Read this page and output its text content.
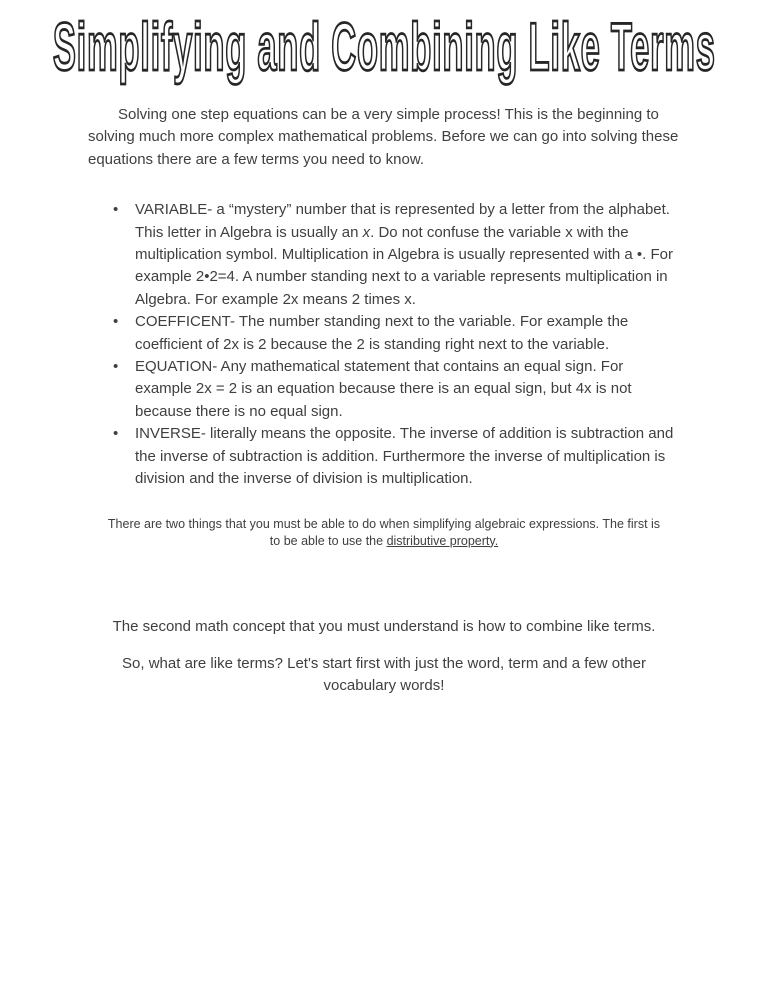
Simplifying and Combining Like Terms

Solving one step equations can be a very simple process! This is the beginning to solving much more complex mathematical problems. Before we can go into solving these equations there are a few terms you need to know.

•	VARIABLE- a “mystery” number that is represented by a letter from the alphabet. This letter in Algebra is usually an x. Do not confuse the variable x with the multiplication symbol. Multiplication in Algebra is usually represented with a •. For example 2•2=4. A number standing next to a variable represents multiplication in Algebra. For example 2x means 2 times x.
•	COEFFICENT- The number standing next to the variable. For example the coefficient of 2x is 2 because the 2 is standing right next to the variable.
•	EQUATION- Any mathematical statement that contains an equal sign. For example 2x = 2 is an equation because there is an equal sign, but 4x is not because there is no equal sign.
•	INVERSE- literally means the opposite. The inverse of addition is subtraction and the inverse of subtraction is addition. Furthermore the inverse of multiplication is division and the inverse of division is multiplication.

There are two things that you must be able to do when simplifying algebraic expressions. The first is to be able to use the distributive property.

The second math concept that you must understand is how to combine like terms.

So, what are like terms? Let's start first with just the word, term and a few other vocabulary words!
